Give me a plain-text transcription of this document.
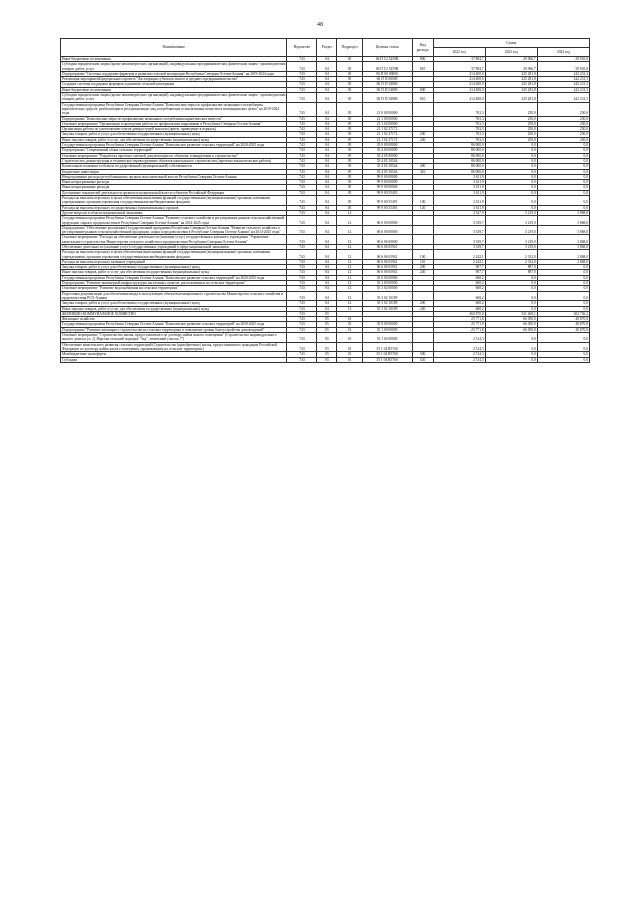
48
Наименование	Ведомство	Раздел	Подраздел	Целевая статья	Вид расхода	Сумма		
						2022 год	2023 год	2024 год
Иные бюджетные ассигнования	743	04	05	06 П Т2 5259В	800	37 894,7	29 966,7	29 945,8
Субсидии юридическим лицам (кроме некоммерческих организаций), индивидуальным предпринимателям, физическим лицам - производителям товаров, работ, услуг	743	04	05	06 П Т2 5259В	810	37 894,7	29 966,7	29 945,8
Подпрограмма "Системы поддержки фермеров и развития сельской кооперации Республики Северная Осетия-Алания" на 2019-2024 годы	743	04	05	06 П 00 00000		214 408,0	225 281,8	242 231,3
Реализация мероприятий федерального проекта "Акселерация субъектов малого и среднего предпринимательства"	743	04	05	06 П I5 00000		214 408,0	225 281,8	242 231,3
Создание системы поддержки фермеров и развитие сельской кооперации	743	04	05	06 П I5 54800		214 408,0	225 281,8	242 231,3
Иные бюджетные ассигнования	743	04	05	06 П I5 54800	800	214 408,0	225 281,8	242 231,3
Субсидии юридическим лицам (кроме некоммерческих организаций), индивидуальным предпринимателям, физическим лицам - производителям товаров, работ, услуг	743	04	05	06 П I5 54800	810	214 408,0	225 281,8	242 231,3
Государственная программа Республики Северная Осетия-Алания "Комплексные меры по профилактике незаконного потребления наркотических средств, реабилитации и ресоциализации лиц, потребляющих психоактивные вещества в немедицинских целях" на 2019-2024 годы	743	04	05	21 0 00 00000		763,3	250,0	250,0
Подпрограмма "Комплексные меры по профилактике незаконного потребления наркотических веществ"	743	04	05	21 1 00 00000		763,3	250,0	250,0
Основное мероприятие "Организация и проведение работы по профилактике наркомании в Республике Северная Осетия-Алания"	743	04	05	21 1 02 00000		763,3	250,0	250,0
Организация работы по уничтожению очагов дикорастущей конопли (прием, приведение в порядок)	743	04	05	21 1 02 27172		763,3	250,0	250,0
Закупка товаров, работ и услуг для обеспечения государственных (муниципальных) нужд	743	04	05	21 1 02 27172	200	763,3	250,0	250,0
Иные закупки товаров, работ и услуг для обеспечения государственных (муниципальных) нужд	743	04	05	21 1 02 27172	240	763,3	250,0	250,0
Государственная программа Республики Северная Осетия-Алания "Комплексное развитие сельских территорий" на 2020-2025 годы	743	04	05	35 0 00 00000		86 000,0	0,0	0,0
Подпрограмма "Современный облик сельских территорий"	743	04	05	35 4 00 00000		86 000,0	0,0	0,0
Основное мероприятие "Разработка проектно-сметной документации по объектам, планируемым к строительству"	743	04	05	35 4 05 00000		86 000,0	0,0	0,0
Строительство, реконструкция и техническое перевооружение объектов капитального строительства (проектно-изыскательские работы)	743	04	05	35 4 05 10544		86 000,0	0,0	0,0
Капитальные вложения в объекты государственной (муниципальной) собственности	743	04	05	35 4 05 10544	400	86 000,0	0,0	0,0
Бюджетные инвестиции	743	04	05	35 4 05 10544	410	86 000,0	0,0	0,0
Непрограммные расходы республиканских органов исполнительной власти Республики Северная Осетия-Алания	743	04	05	99 0 00 00000		3 611,9	0,0	0,0
Иные непрограммные расходы	743	04	05	99 9 00 00000		3 611,9	0,0	0,0
Иные непрограммные расходы	743	04	05	99 9 00 00000		3 611,9	0,0	0,0
Достижение показателей деятельности органов исполнительной власти субъектов Российской Федерации	743	04	05	99 9 00 55491		3 611,9	0,0	0,0
Расходы на выплаты персоналу в целях обеспечения выполнения функций государственными (муниципальными) органами, казенными учреждениями, органами управления государственными внебюджетными фондами	743	04	05	99 9 00 55491	100	3 611,9	0,0	0,0
Расходы на выплаты персоналу государственных (муниципальных) органов	743	04	05	99 9 00 55491	120	3 611,9	0,0	0,0
Другие вопросы в области национальной экономики	743	04	12			3 327,9	3 219,0	3 868,0
Государственная программа Республики Северная Осетия-Алания "Развитие сельского хозяйства и регулирование рынков сельскохозяйственной продукции, сырья и продовольствия в Республике Северная Осетия-Алания" на 2014-2025 годы	743	04	12	06 0 00 00000		3 339,7	3 219,0	3 868,0
Подпрограмма "Обеспечение реализации Государственной программы Республики Северная Осетия-Алания "Развитие сельского хозяйства и регулирование рынков сельскохозяйственной продукции, сырья и продовольствия в Республике Северная Осетия-Алания" на 2014-2025 годы"	743	04	12	06 6 00 00000		3 339,7	3 219,0	3 868,0
Основное мероприятие "Расходы на обеспечение деятельности (оказание услуг) государственного казенного учреждения "Управление капитального строительства Министерства сельского хозяйства и продовольствия Республики Северная Осетия-Алания"	743	04	12	06 6 06 00000		3 339,7	3 219,0	3 868,0
Обеспечение деятельности (оказание услуг) государственных учреждений в сфере национальной экономики	743	04	12	06 6 06 05941		3 339,7	3 219,0	3 868,0
Расходы на выплаты персоналу в целях обеспечения выполнения функций государственными (муниципальными) органами, казенными учреждениями, органами управления государственными внебюджетными фондами	743	04	12	06 6 06 05941	100	2 242,1	2 332,0	2 868,0
Расходы на выплаты персоналу казенных учреждений	743	04	12	06 6 06 05941	110	2 242,1	2 332,0	2 868,0
Закупка товаров, работ и услуг для обеспечения государственных (муниципальных) нужд	743	04	12	06 6 06 05941	200	907,7	887,0	0,0
Иные закупки товаров, работ и услуг для обеспечения государственных (муниципальных) нужд	743	04	12	06 6 06 05941	240	907,7	887,0	0,0
Государственная программа Республики Северная Осетия-Алания "Комплексное развитие сельских территорий" на 2020-2025 годы	743	04	12	35 0 00 00000		668,2	0,0	0,0
Подпрограмма "Развитие инженерной инфраструктуры населенных пунктов, расположенных на сельских территориях"	743	04	12	35 3 00 00000		668,2	0,0	0,0
Основное мероприятие "Развитие водоснабжения на сельских территориях"	743	04	12	35 3 02 00000		668,2	0,0	0,0
Подготовка документации для обеспечения ввода в эксплуатацию объектов незавершенного строительства Министерства сельского хозяйства и продовольствия РСО-Алания	743	04	12	35 3 02 10189		668,2	0,0	0,0
Закупка товаров, работ и услуг для обеспечения государственных (муниципальных) нужд	743	04	12	35 3 02 10189	200	668,2	0,0	0,0
Иные закупки товаров, работ и услуг для обеспечения государственных (муниципальных) нужд	743	04	12	35 3 02 10189	240	668,2	0,0	0,0
ЖИЛИЩНО-КОММУНАЛЬНОЕ ХОЗЯЙСТВО	743	05				460 870,0	521 469,1	302 726,2
Жилищное хозяйство	743	05	01			25 771,8	66 050,0	48 870,8
Государственная программа Республики Северная Осетия-Алания "Комплексное развитие сельских территорий" на 2020-2025 годы	743	05	01	35 0 00 00000		25 771,8	66 050,0	48 870,8
Подпрограмма "Развитие жилищного строительства на сельских территориях и повышение уровня благоустройства домовладений"	743	05	01	35 1 00 00000		25 771,8	66 050,0	48 870,8
Основное мероприятие "Строительство жилья, предоставляемого по договору найма жилого помещения" (Строительство индивидуального жилого дома по ул. Д. Нарсова сельский подворье "Зад", земельный участок 7")	743	05	01	35 1 04 00000		2 514,3	0,0	0,0
Обеспечение комплексного развития сельских территорий (Строительство (приобретение) жилья, предоставляемого гражданам Российской Федерации по договору найма жилого помещения, проживающим на сельских территориях)	743	05	01	35 1 04 R5760		2 514,3	0,0	0,0
Межбюджетные трансферты	743	05	01	35 1 04 R5760	500	2 514,3	0,0	0,0
Субсидии	743	05	01	35 1 04 R5760	520	2 514,3	0,0	0,0
